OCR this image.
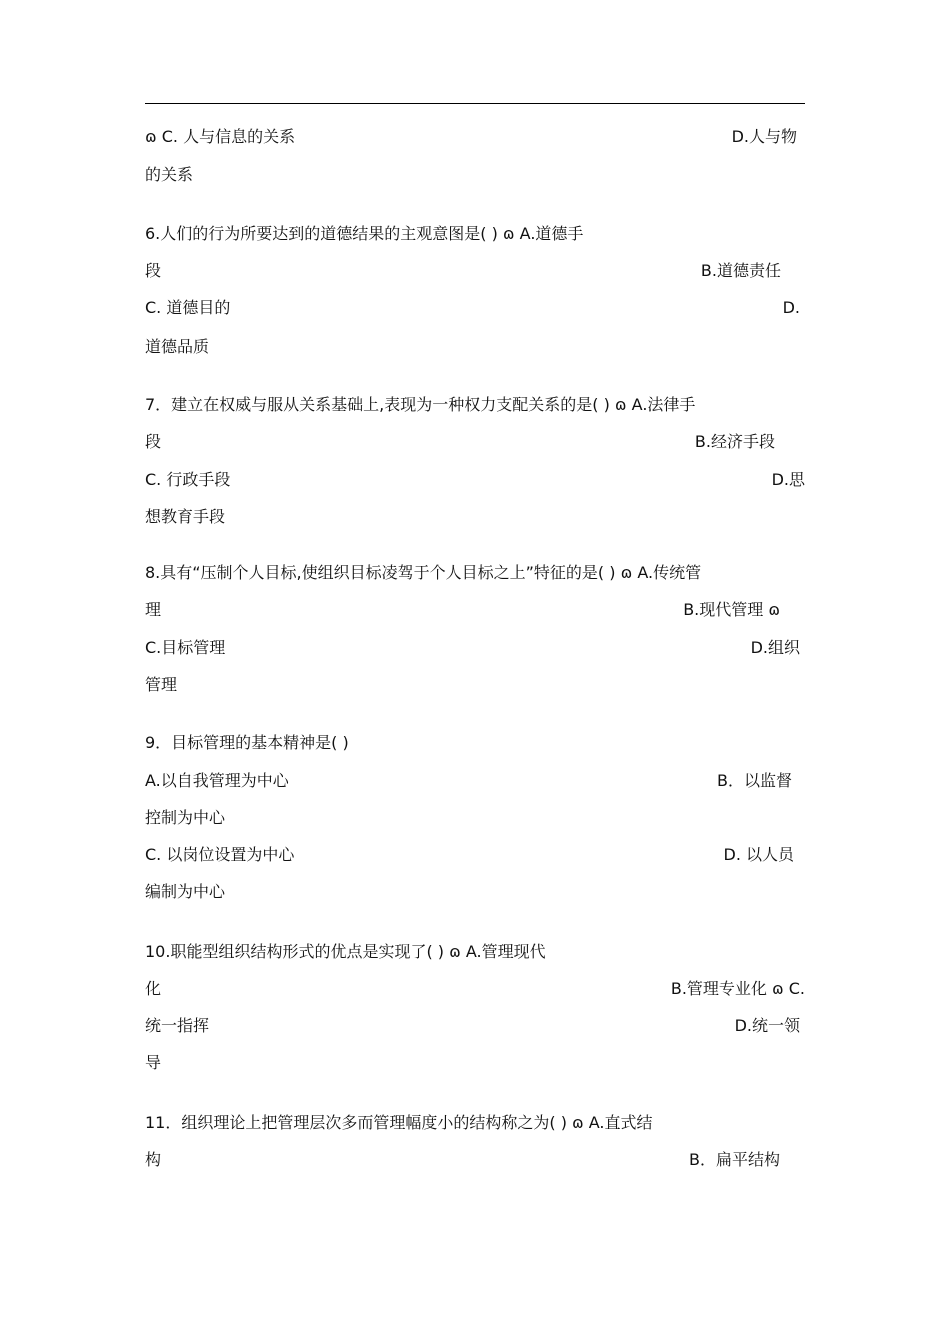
ɷ C. 人与信息的关系	D.人与物
的关系
6.人们的行为所要达到的道德结果的主观意图是( ) ɷ A.道德手
段	B.道德责任
C. 道德目的	D.
道德品质
7．建立在权威与服从关系基础上,表现为一种权力支配关系的是( ) ɷ A.法律手
段	B.经济手段
C. 行政手段	D.思
想教育手段
8.具有“压制个人目标,使组织目标凌驾于个人目标之上”特征的是( ) ɷ A.传统管
理	B.现代管理 ɷ
C.目标管理	D.组织
管理
9．目标管理的基本精神是( )
A.以自我管理为中心	B．以监督
控制为中心
C. 以岗位设置为中心	D. 以人员
编制为中心
10.职能型组织结构形式的优点是实现了( ) ɷ A.管理现代
化	B.管理专业化 ɷ C.
统一指挥	D.统一领
导
11．组织理论上把管理层次多而管理幅度小的结构称之为( ) ɷ A.直式结
构	B．扁平结构
